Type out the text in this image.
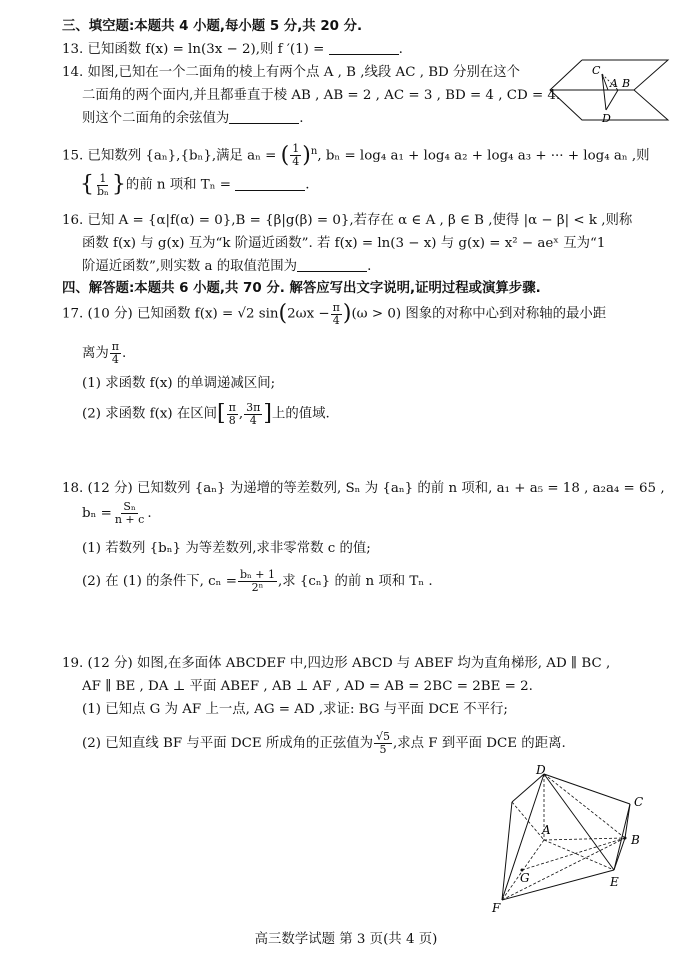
三、填空题:本题共 4 小题,每小题 5 分,共 20 分.
13. 已知函数 f(x) = ln(3x − 2),则 f ′(1) =	.
14. 如图,已知在一个二面角的棱上有两个点 A , B ,线段 AC , BD 分别在这个
二面角的两个面内,并且都垂直于棱 AB , AB = 2 , AC = 3 , BD = 4 , CD = 4.
则这个二面角的余弦值为	.
C
A B
D
15. 已知数列 {aₙ},{bₙ},满足 aₙ = ( $\frac{1}{4} )^n$, bₙ = log₄ a₁ + log₄ a₂ + log₄ a₃ + ··· + log₄ aₙ ,则
{ $\frac{1}{\text{bₙ}}$ }的前 n 项和 Tₙ =	.
16. 已知 A = {α|f(α) = 0},B = {β|g(β) = 0},若存在 α ∈ A , β ∈ B ,使得 |α − β| < k ,则称
函数 f(x) 与 g(x) 互为“k 阶逼近函数”. 若 f(x) = ln(3 − x) 与 g(x) = x² − aeˣ 互为“1
阶逼近函数”,则实数 a 的取值范围为	.
四、解答题:本题共 6 小题,共 70 分. 解答应写出文字说明,证明过程或演算步骤.
17. (10 分) 已知函数 f(x) = √2 $\sin(2\omega x - \frac{\pi}{4} )(\omega > 0)$ 图象的对称中心到对称轴的最小距
离为 $\frac{\pi}{4}$ .
(1) 求函数 f(x) 的单调递减区间;
(2) 求函数 f(x) 在区间[ $\frac{\pi}{8}$ , $\frac{3\pi}{4}$ ]上的值域.
18. (12 分) 已知数列 {aₙ} 为递增的等差数列, Sₙ 为 {aₙ} 的前 n 项和, a₁ + a₅ = 18 , a₂a₄ = 65 ,
$b_n = \frac{\text{Sₙ}}{n + c}$ .
(1) 若数列 {bₙ} 为等差数列,求非零常数 c 的值;
(2) 在 (1) 的条件下, $c_n = \frac{\text{bₙ + 1}}{\text{2ⁿ}}$ ,求 {cₙ} 的前 n 项和 Tₙ .
19. (12 分) 如图,在多面体 ABCDEF 中,四边形 ABCD 与 ABEF 均为直角梯形, AD ∥ BC ,
AF ∥ BE , DA ⊥ 平面 ABEF , AB ⊥ AF , AD = AB = 2BC = 2BE = 2.
(1) 已知点 G 为 AF 上一点, AG = AD ,求证: BG 与平面 DCE 不平行;
(2) 已知直线 BF 与平面 DCE 所成角的正弦值为 $\frac{√5}{5}$ ,求点 F 到平面 DCE 的距离.
D
C
A
B
G	E
F
高三数学试题 第 3 页(共 4 页)
